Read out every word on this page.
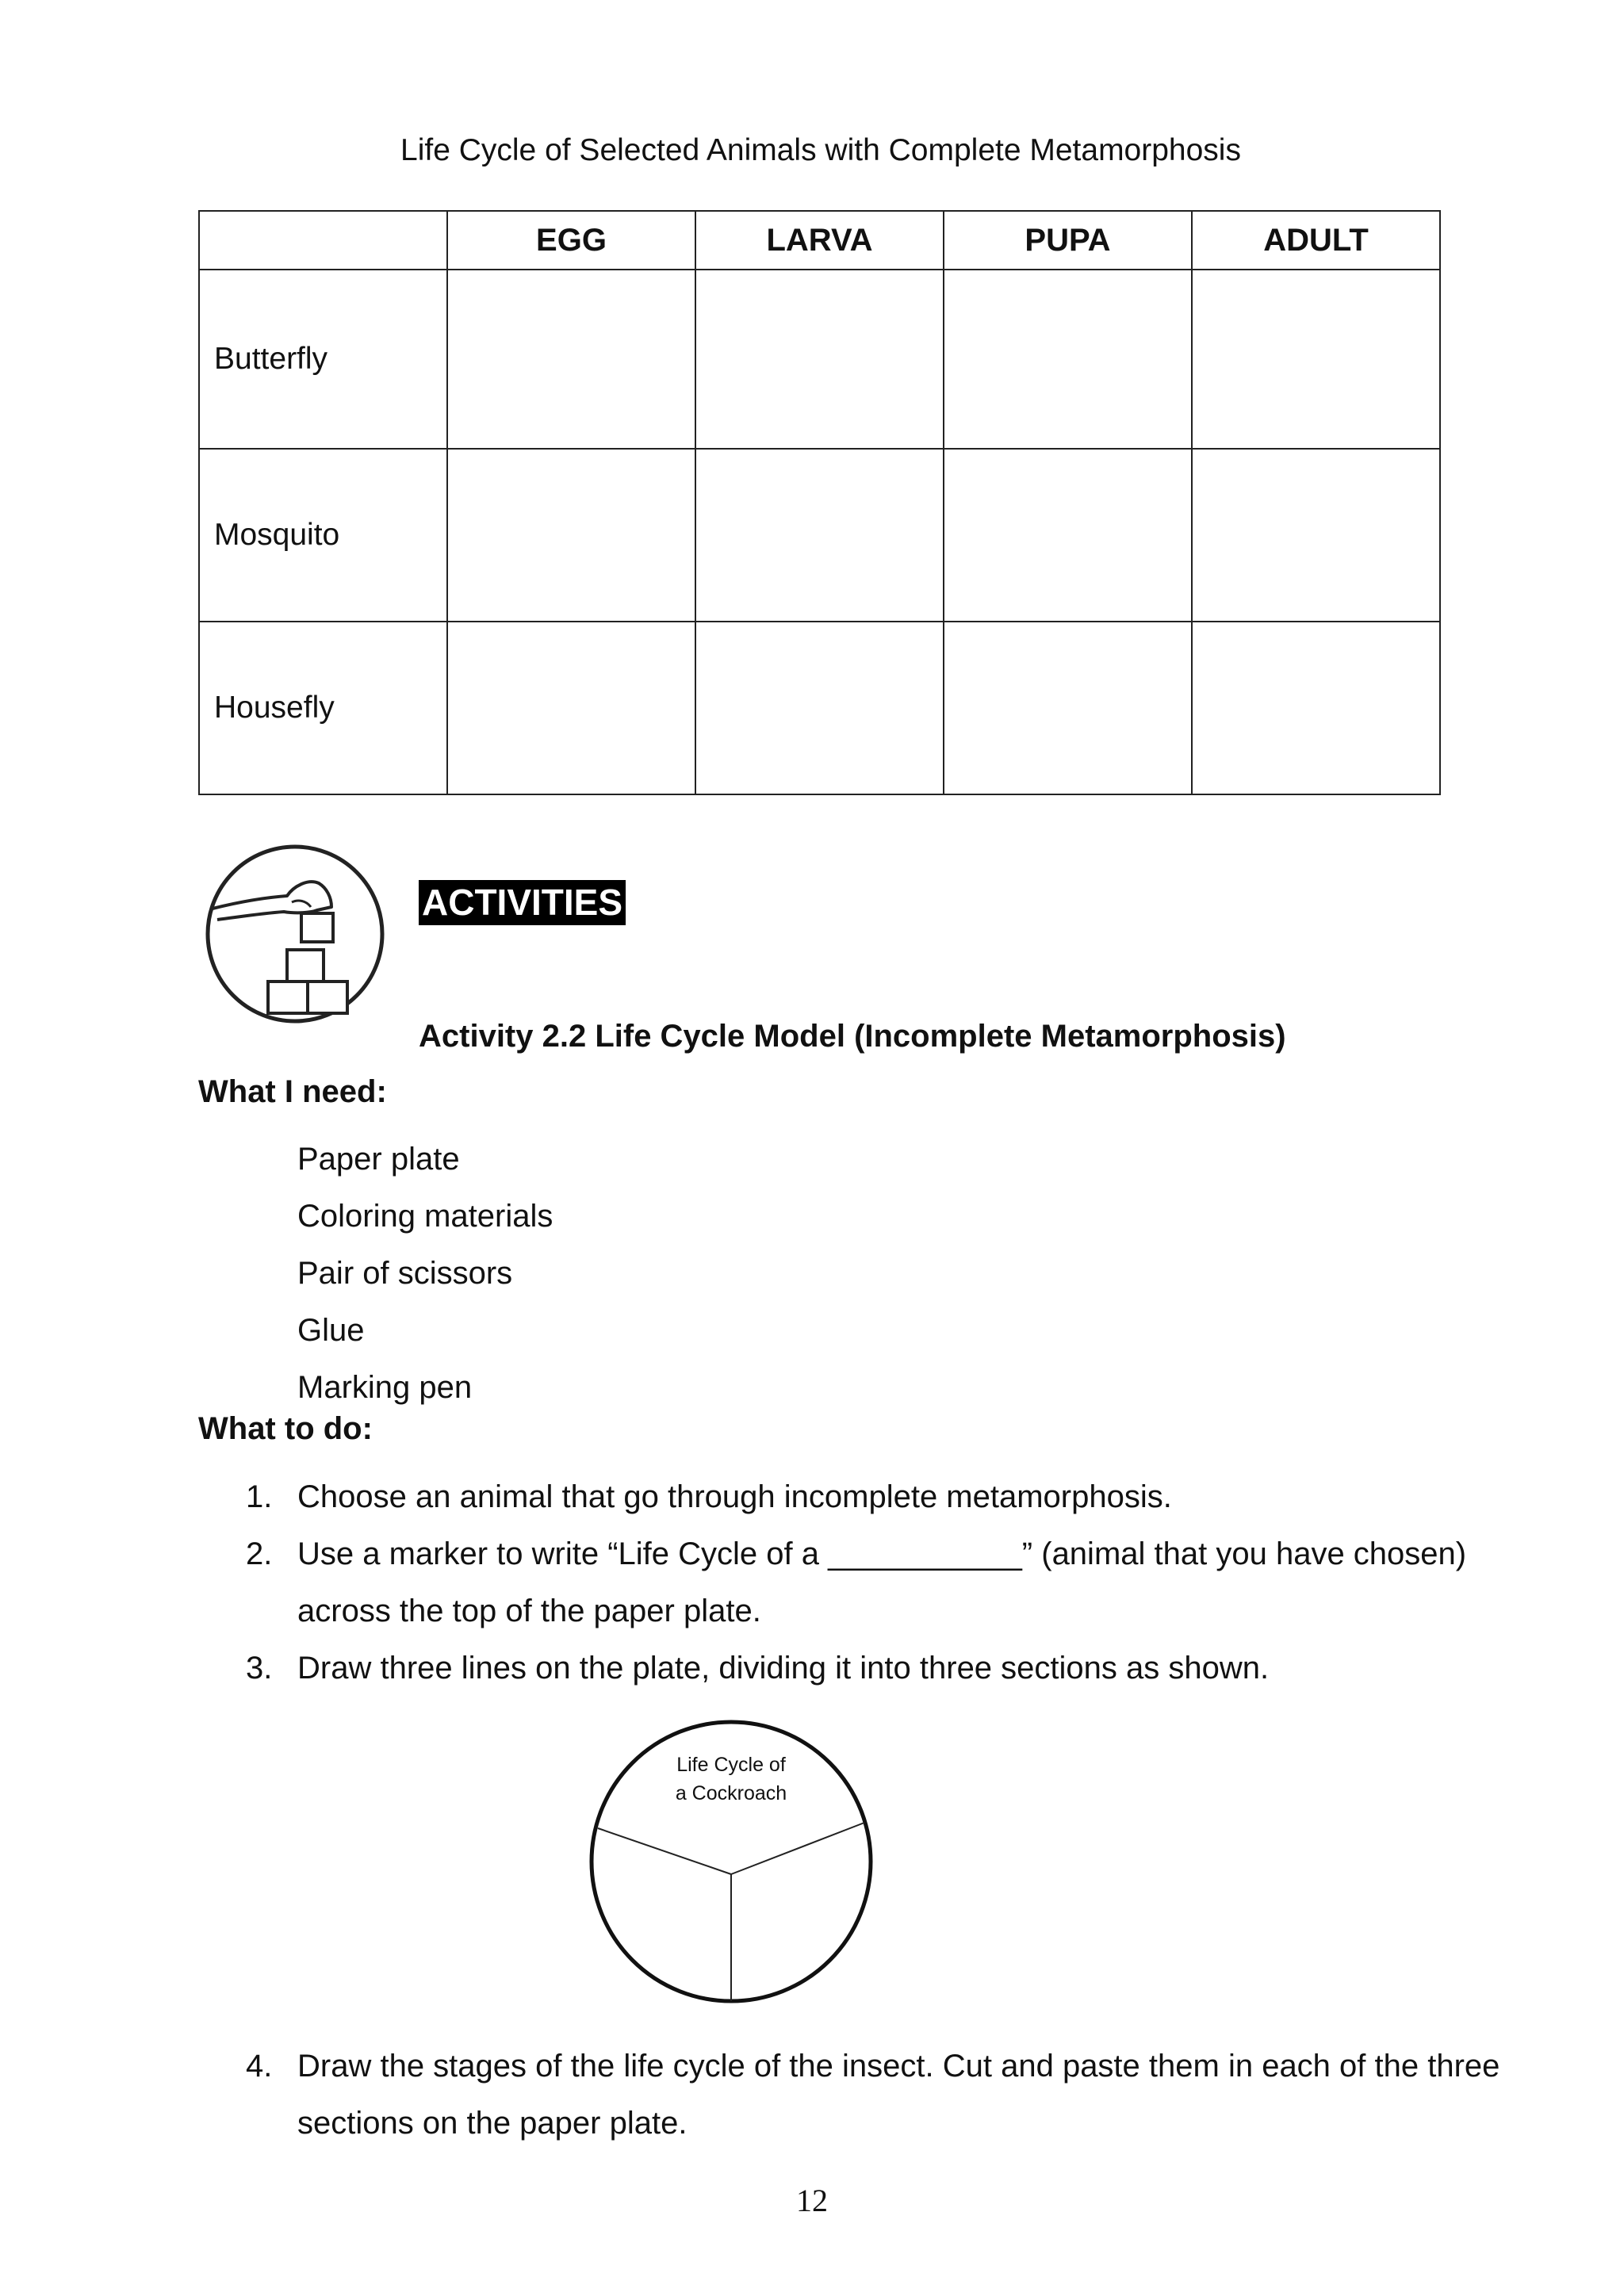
Life Cycle of Selected Animals with Complete Metamorphosis
	EGG	LARVA	PUPA	ADULT
Butterfly				
Mosquito				
Housefly				
ACTIVITIES
Activity 2.2 Life Cycle Model (Incomplete Metamorphosis)
What I need:
Paper plate
Coloring materials
Pair of scissors
Glue
Marking pen
What to do:
1. Choose an animal that go through incomplete metamorphosis.
2. Use a marker to write “Life Cycle of a ___________” (animal that you have chosen) across the top of the paper plate.
3. Draw three lines on the plate, dividing it into three sections as shown.
4. Draw the stages of the life cycle of the insect. Cut and paste them in each of the three sections on the paper plate.
Life Cycle of
a Cockroach
12
